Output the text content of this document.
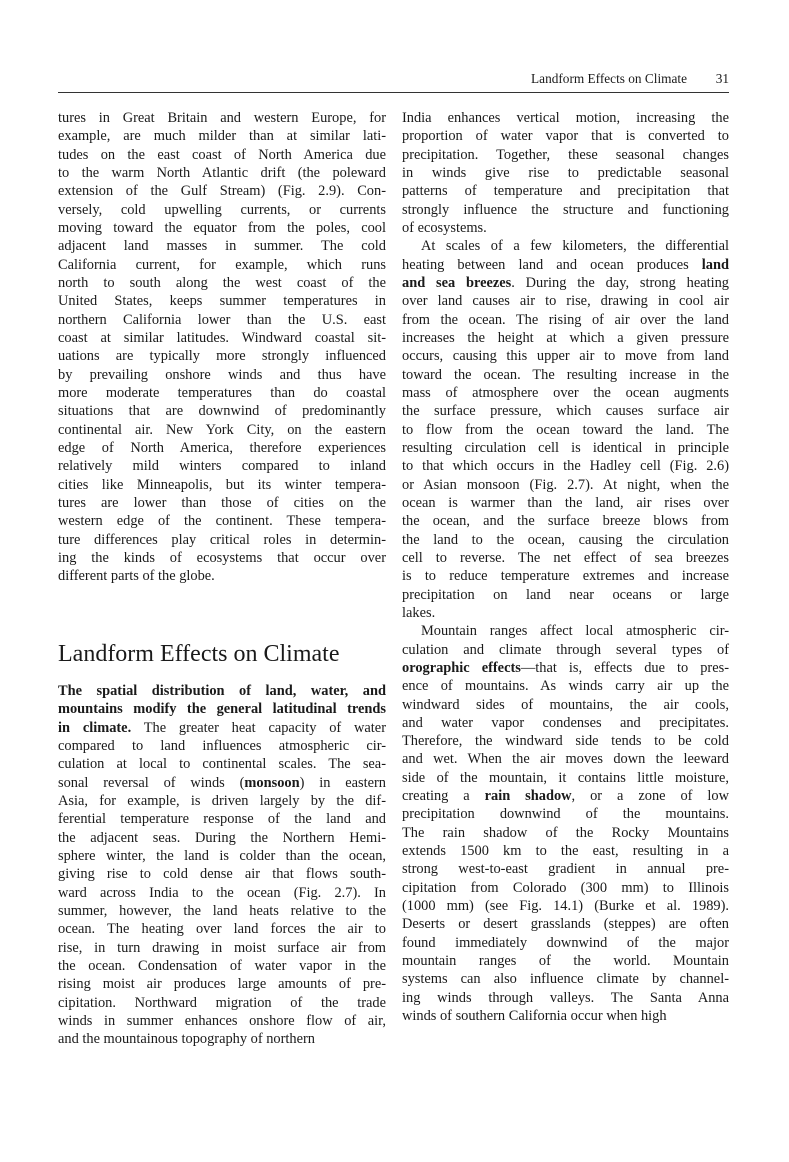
Landform Effects on Climate 31
tures in Great Britain and western Europe, for
example, are much milder than at similar lati-
tudes on the east coast of North America due
to the warm North Atlantic drift (the poleward
extension of the Gulf Stream) (Fig. 2.9). Con-
versely, cold upwelling currents, or currents
moving toward the equator from the poles, cool
adjacent land masses in summer. The cold
California current, for example, which runs
north to south along the west coast of the
United States, keeps summer temperatures in
northern California lower than the U.S. east
coast at similar latitudes. Windward coastal sit-
uations are typically more strongly influenced
by prevailing onshore winds and thus have
more moderate temperatures than do coastal
situations that are downwind of predominantly
continental air. New York City, on the eastern
edge of North America, therefore experiences
relatively mild winters compared to inland
cities like Minneapolis, but its winter tempera-
tures are lower than those of cities on the
western edge of the continent. These tempera-
ture differences play critical roles in determin-
ing the kinds of ecosystems that occur over
different parts of the globe.
Landform Effects on Climate
The spatial distribution of land, water, and
mountains modify the general latitudinal trends
in climate. The greater heat capacity of water
compared to land influences atmospheric cir-
culation at local to continental scales. The sea-
sonal reversal of winds (monsoon) in eastern
Asia, for example, is driven largely by the dif-
ferential temperature response of the land and
the adjacent seas. During the Northern Hemi-
sphere winter, the land is colder than the ocean,
giving rise to cold dense air that flows south-
ward across India to the ocean (Fig. 2.7). In
summer, however, the land heats relative to the
ocean. The heating over land forces the air to
rise, in turn drawing in moist surface air from
the ocean. Condensation of water vapor in the
rising moist air produces large amounts of pre-
cipitation. Northward migration of the trade
winds in summer enhances onshore flow of air,
and the mountainous topography of northern
India enhances vertical motion, increasing the
proportion of water vapor that is converted to
precipitation. Together, these seasonal changes
in winds give rise to predictable seasonal
patterns of temperature and precipitation that
strongly influence the structure and functioning
of ecosystems.
At scales of a few kilometers, the differential
heating between land and ocean produces land
and sea breezes. During the day, strong heating
over land causes air to rise, drawing in cool air
from the ocean. The rising of air over the land
increases the height at which a given pressure
occurs, causing this upper air to move from land
toward the ocean. The resulting increase in the
mass of atmosphere over the ocean augments
the surface pressure, which causes surface air
to flow from the ocean toward the land. The
resulting circulation cell is identical in principle
to that which occurs in the Hadley cell (Fig. 2.6)
or Asian monsoon (Fig. 2.7). At night, when the
ocean is warmer than the land, air rises over
the ocean, and the surface breeze blows from
the land to the ocean, causing the circulation
cell to reverse. The net effect of sea breezes
is to reduce temperature extremes and increase
precipitation on land near oceans or large
lakes.
Mountain ranges affect local atmospheric cir-
culation and climate through several types of
orographic effects—that is, effects due to pres-
ence of mountains. As winds carry air up the
windward sides of mountains, the air cools,
and water vapor condenses and precipitates.
Therefore, the windward side tends to be cold
and wet. When the air moves down the leeward
side of the mountain, it contains little moisture,
creating a rain shadow, or a zone of low
precipitation downwind of the mountains.
The rain shadow of the Rocky Mountains
extends 1500 km to the east, resulting in a
strong west-to-east gradient in annual pre-
cipitation from Colorado (300 mm) to Illinois
(1000 mm) (see Fig. 14.1) (Burke et al. 1989).
Deserts or desert grasslands (steppes) are often
found immediately downwind of the major
mountain ranges of the world. Mountain
systems can also influence climate by channel-
ing winds through valleys. The Santa Anna
winds of southern California occur when high
